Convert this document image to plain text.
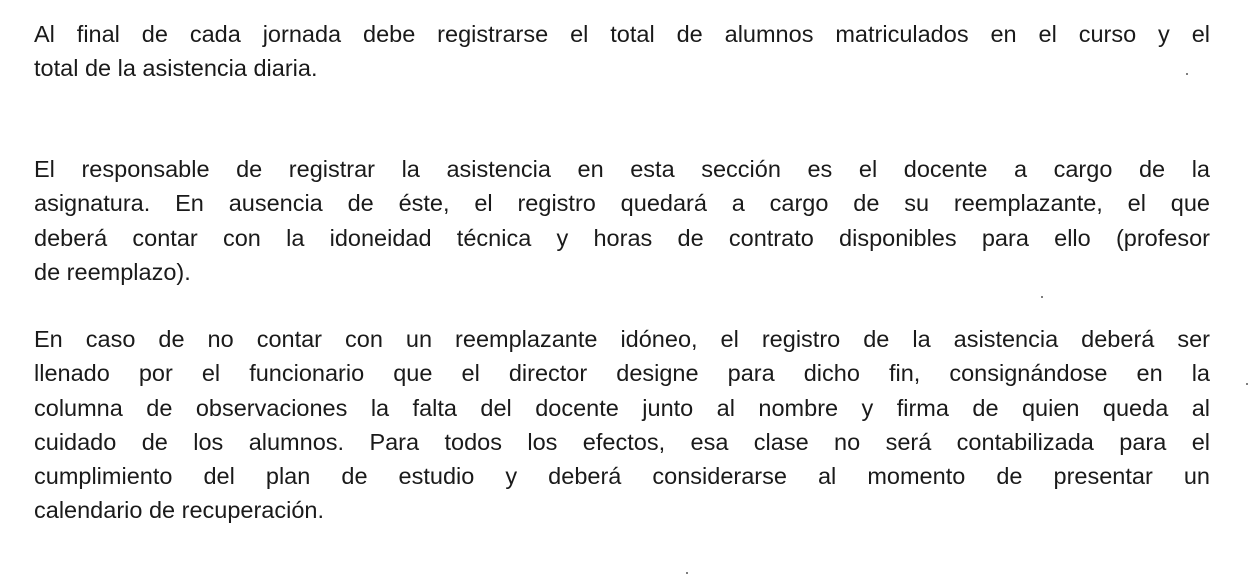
Al final de cada jornada debe registrarse el total de alumnos matriculados en el curso y el
total de la asistencia diaria.

El responsable de registrar la asistencia en esta sección es el docente a cargo de la
asignatura. En ausencia de éste, el registro quedará a cargo de su reemplazante, el que
deberá contar con la idoneidad técnica y horas de contrato disponibles para ello (profesor
de reemplazo).

En caso de no contar con un reemplazante idóneo, el registro de la asistencia deberá ser
llenado por el funcionario que el director designe para dicho fin, consignándose en la
columna de observaciones la falta del docente junto al nombre y firma de quien queda al
cuidado de los alumnos. Para todos los efectos, esa clase no será contabilizada para el
cumplimiento del plan de estudio y deberá considerarse al momento de presentar un
calendario de recuperación.
